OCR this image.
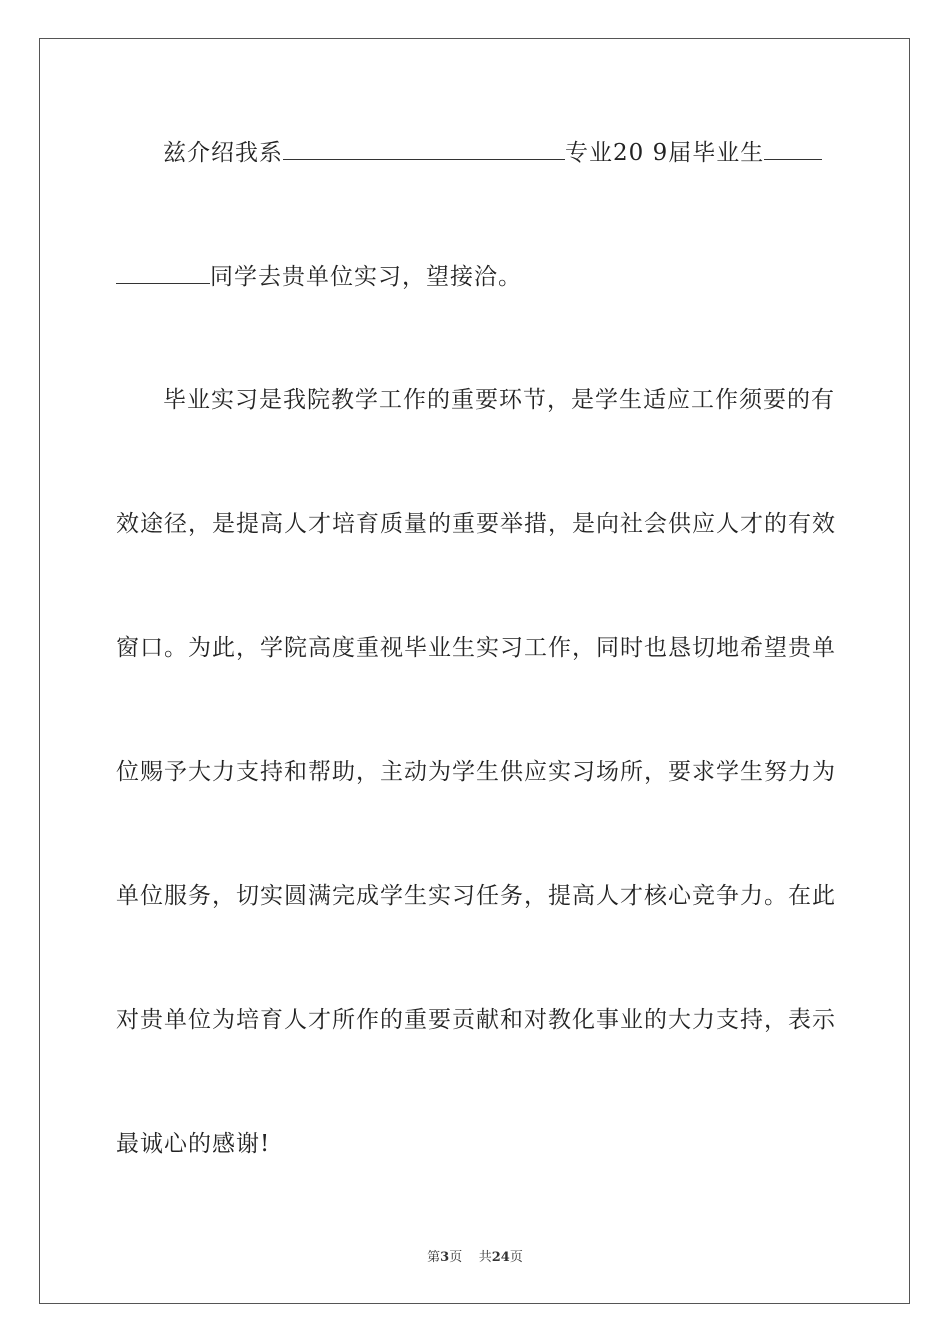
兹介绍我系	专业20 9届毕业生
同学去贵单位实习，望接洽。
毕业实习是我院教学工作的重要环节，是学生适应工作须要的有
效途径，是提高人才培育质量的重要举措，是向社会供应人才的有效
窗口。为此，学院高度重视毕业生实习工作，同时也恳切地希望贵单
位赐予大力支持和帮助，主动为学生供应实习场所，要求学生努力为
单位服务，切实圆满完成学生实习任务，提高人才核心竞争力。在此
对贵单位为培育人才所作的重要贡献和对教化事业的大力支持，表示
最诚心的感谢!
第3页    共24页
